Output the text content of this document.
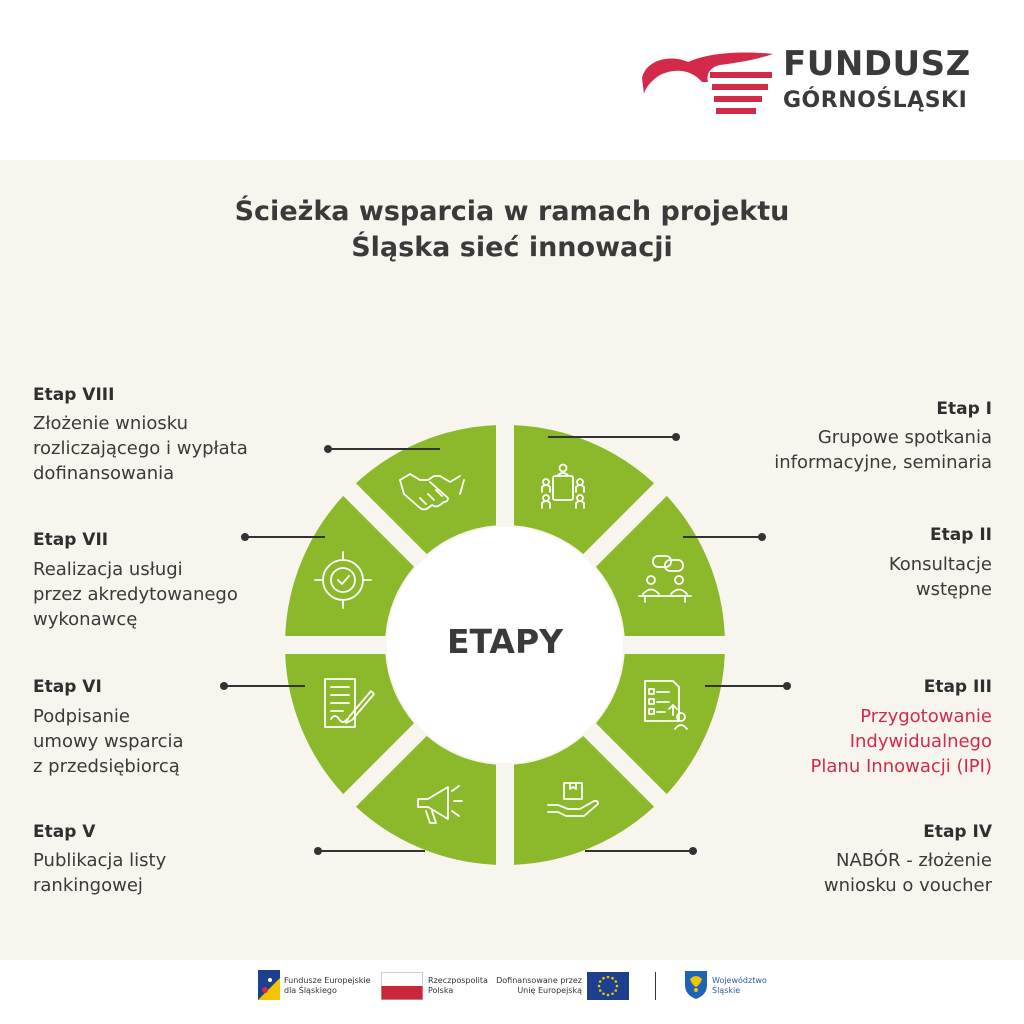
FUNDUSZ
GÓRNOŚLĄSKI
Ścieżka wsparcia w ramach projektu
Śląska sieć innowacji
ETAPY
Etap I
Grupowe spotkania
informacyjne, seminaria
Etap II
Konsultacje
wstępne
Etap III
Przygotowanie
Indywidualnego
Planu Innowacji (IPI)
Etap IV
NABÓR - złożenie
wniosku o voucher
Etap V
Publikacja listy
rankingowej
Etap VI
Podpisanie
umowy wsparcia
z przedsiębiorcą
Etap VII
Realizacja usługi
przez akredytowanego
wykonawcę
Etap VIII
Złożenie wniosku
rozliczającego i wypłata
dofinansowania
Fundusze Europejskie
dla Śląskiego
Rzeczpospolita
Polska
Dofinansowane przez
Unię Europejską
Województwo
Śląskie
